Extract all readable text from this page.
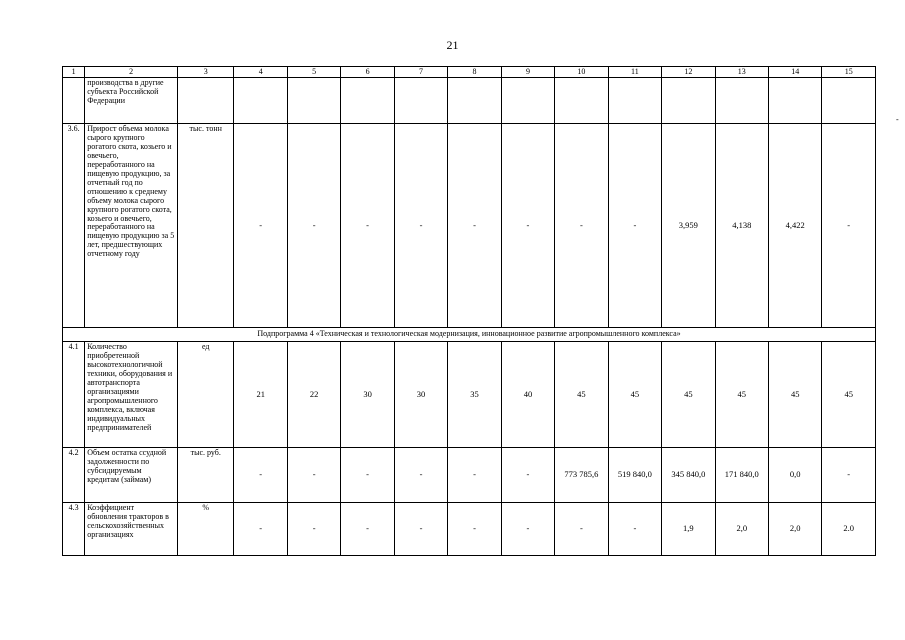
21
-
1	2	3	4	5	6	7	8	9	10	11	12	13	14	15
	производства в другие субъекта Российской Федерации													
3.6.	Прирост объема молока сырого крупного рогатого скота, козьего и овечьего, переработанного на пищевую продукцию, за отчетный год по отношению к среднему объему молока сырого крупного рогатого скота, козьего и овечьего, переработанного на пищевую продукцию за 5 лет, предшествующих отчетному году	тыс. тонн	-	-	-	-	-	-	-	-	3,959	4,138	4,422	-
Подпрограмма 4 «Техническая и технологическая модернизация, инновационное развитие агропромышленного комплекса»														
4.1	Количество приобретенной высокотехнологичной техники, оборудования и автотранспорта организациями агропромышленного комплекса, включая индивидуальных предпринимателей	ед	21	22	30	30	35	40	45	45	45	45	45	45
4.2	Объем остатка ссудной задолженности по субсидируемым кредитам (займам)	тыс. руб.	-	-	-	-	-	-	773 785,6	519 840,0	345 840,0	171 840,0	0,0	-
4.3	Коэффициент обновления тракторов в сельскохозяйственных организациях	%	-	-	-	-	-	-	-	-	1,9	2,0	2,0	2.0
